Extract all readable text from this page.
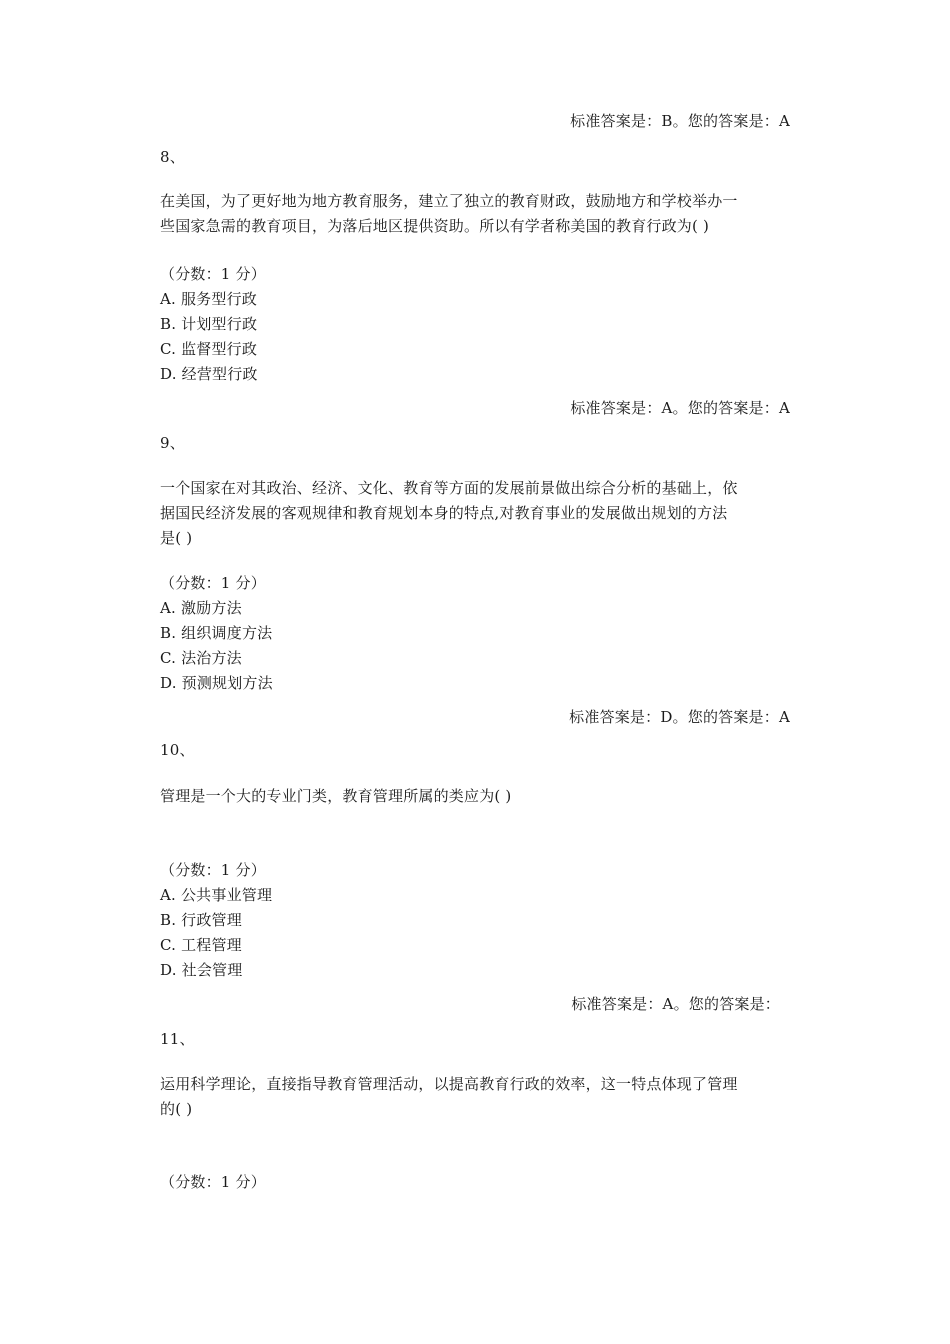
标准答案是：B。您的答案是：A
8、
在美国，为了更好地为地方教育服务，建立了独立的教育财政，鼓励地方和学校举办一
些国家急需的教育项目，为落后地区提供资助。所以有学者称美国的教育行政为( )
（分数：1 分）
A. 服务型行政
B. 计划型行政
C. 监督型行政
D. 经营型行政
标准答案是：A。您的答案是：A
9、
一个国家在对其政治、经济、文化、教育等方面的发展前景做出综合分析的基础上，依
据国民经济发展的客观规律和教育规划本身的特点,对教育事业的发展做出规划的方法
是( )
（分数：1 分）
A. 激励方法
B. 组织调度方法
C. 法治方法
D. 预测规划方法
标准答案是：D。您的答案是：A
10、
管理是一个大的专业门类，教育管理所属的类应为( )
（分数：1 分）
A. 公共事业管理
B. 行政管理
C. 工程管理
D. 社会管理
标准答案是：A。您的答案是：
11、
运用科学理论，直接指导教育管理活动，以提高教育行政的效率，这一特点体现了管理
的( )
（分数：1 分）
